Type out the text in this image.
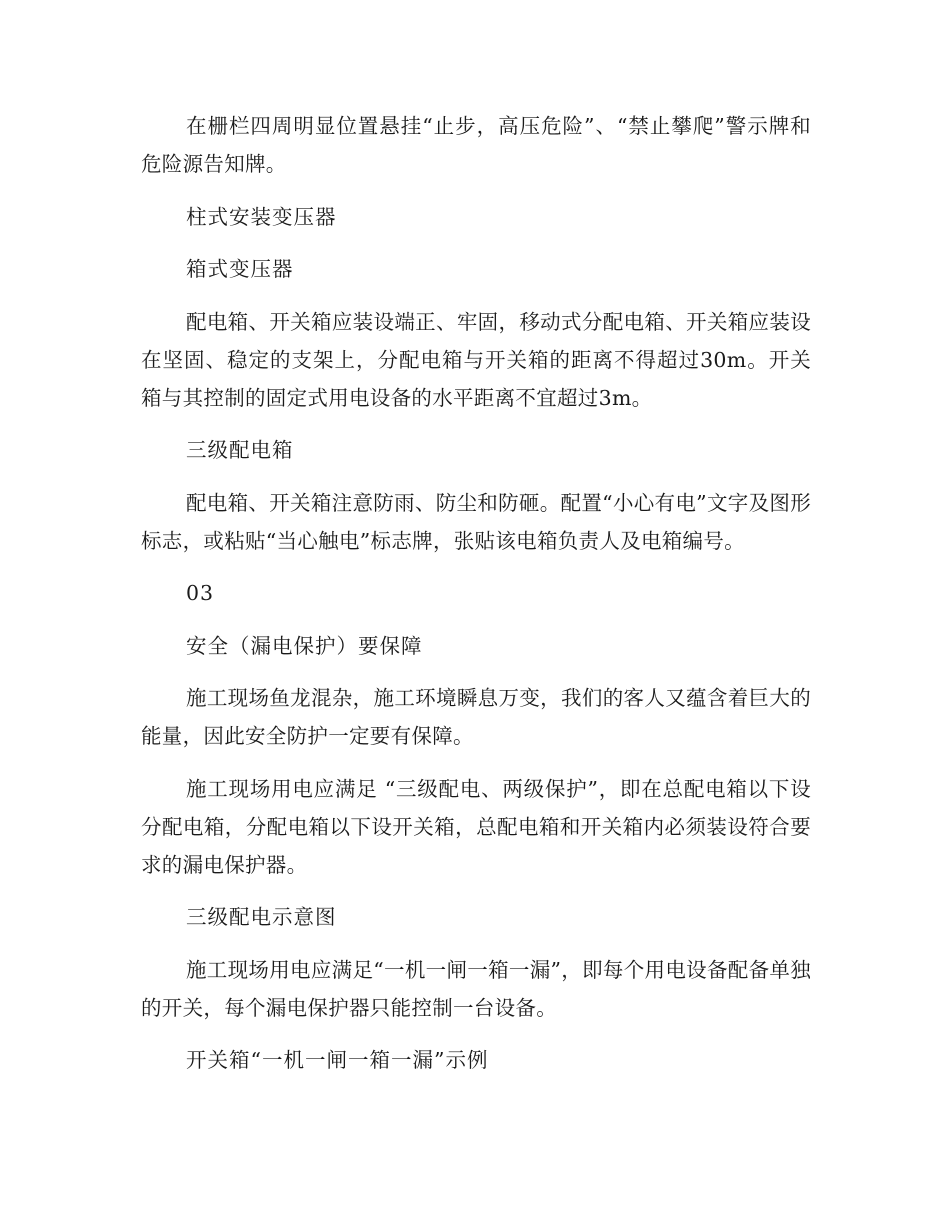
在栅栏四周明显位置悬挂“止步，高压危险”、“禁止攀爬”警示牌和危险源告知牌。

柱式安装变压器

箱式变压器

配电箱、开关箱应装设端正、牢固，移动式分配电箱、开关箱应装设在坚固、稳定的支架上，分配电箱与开关箱的距离不得超过30m。开关箱与其控制的固定式用电设备的水平距离不宜超过3m。

三级配电箱

配电箱、开关箱注意防雨、防尘和防砸。配置“小心有电”文字及图形标志，或粘贴“当心触电”标志牌，张贴该电箱负责人及电箱编号。

03

安全（漏电保护）要保障

施工现场鱼龙混杂，施工环境瞬息万变，我们的客人又蕴含着巨大的能量，因此安全防护一定要有保障。

施工现场用电应满足 “三级配电、两级保护”，即在总配电箱以下设分配电箱，分配电箱以下设开关箱，总配电箱和开关箱内必须装设符合要求的漏电保护器。

三级配电示意图

施工现场用电应满足“一机一闸一箱一漏”，即每个用电设备配备单独的开关，每个漏电保护器只能控制一台设备。

开关箱“一机一闸一箱一漏”示例
